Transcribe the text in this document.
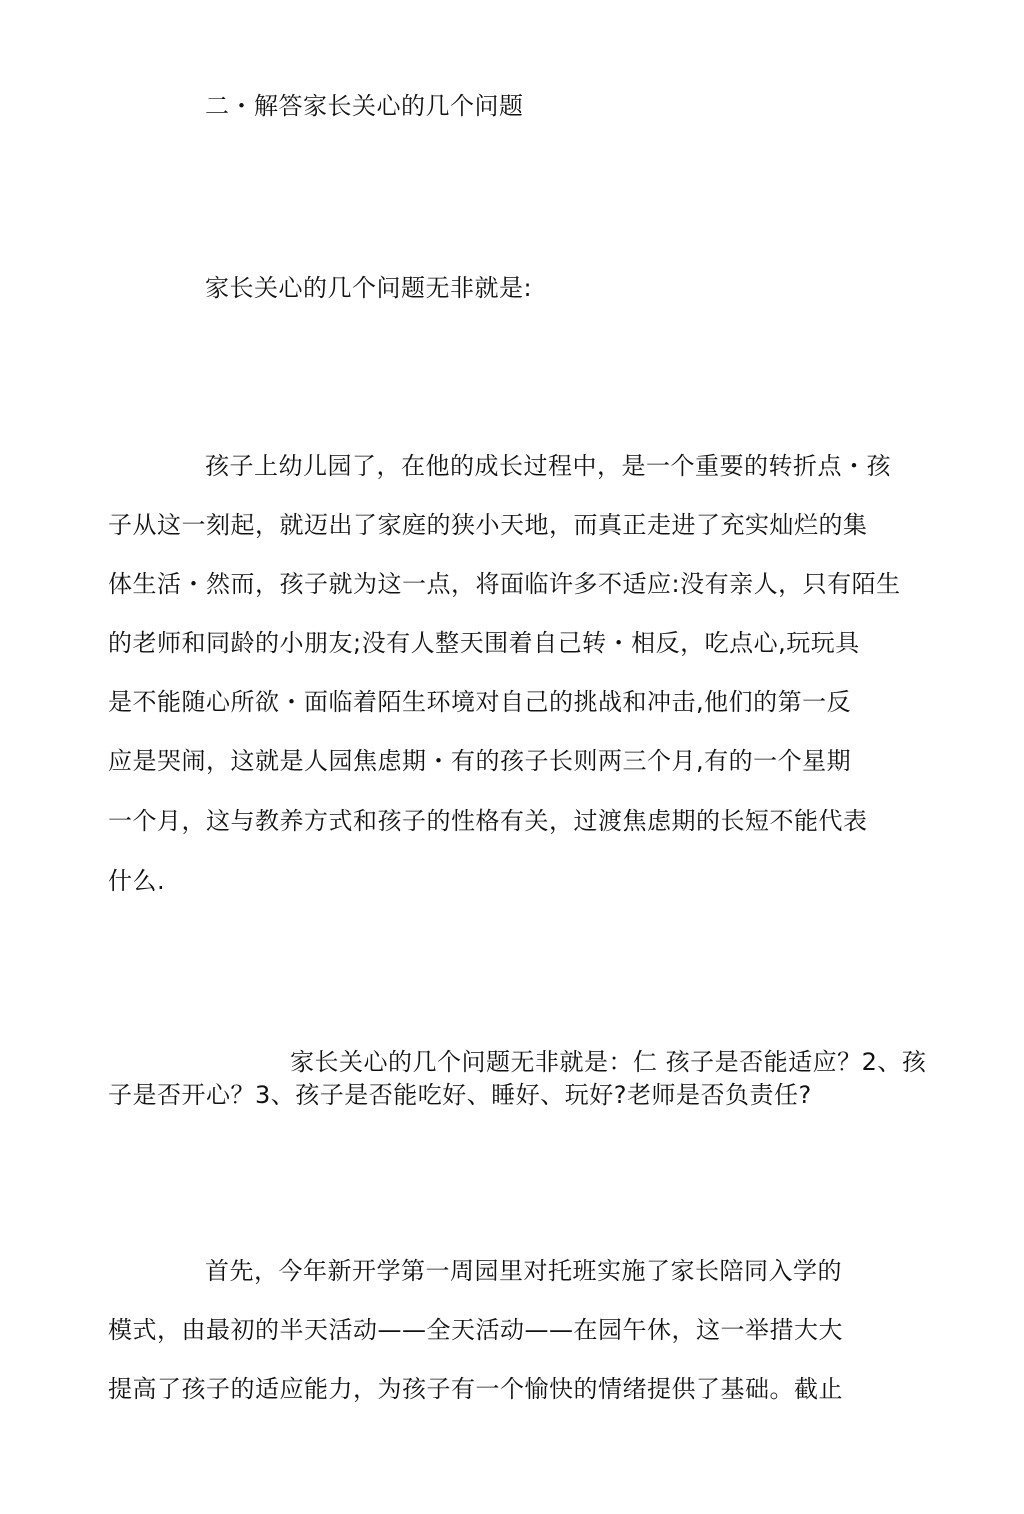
二・解答家长关心的几个问题
家长关心的几个问题无非就是:
孩子上幼儿园了，在他的成长过程中，是一个重要的转折点・孩
子从这一刻起，就迈出了家庭的狭小天地，而真正走进了充实灿烂的集
体生活・然而，孩子就为这一点，将面临许多不适应:没有亲人，只有陌生
的老师和同龄的小朋友;没有人整天围着自己转・相反，吃点心,玩玩具
是不能随心所欲・面临着陌生环境对自己的挑战和冲击,他们的第一反
应是哭闹，这就是人园焦虑期・有的孩子长则两三个月,有的一个星期
一个月，这与教养方式和孩子的性格有关，过渡焦虑期的长短不能代表
什么.
家长关心的几个问题无非就是：仁 孩子是否能适应？2、孩
子是否开心？3、孩子是否能吃好、睡好、玩好?老师是否负责任?
首先，今年新开学第一周园里对托班实施了家长陪同入学的
模式，由最初的半天活动——全天活动——在园午休，这一举措大大
提高了孩子的适应能力，为孩子有一个愉快的情绪提供了基础。截止
